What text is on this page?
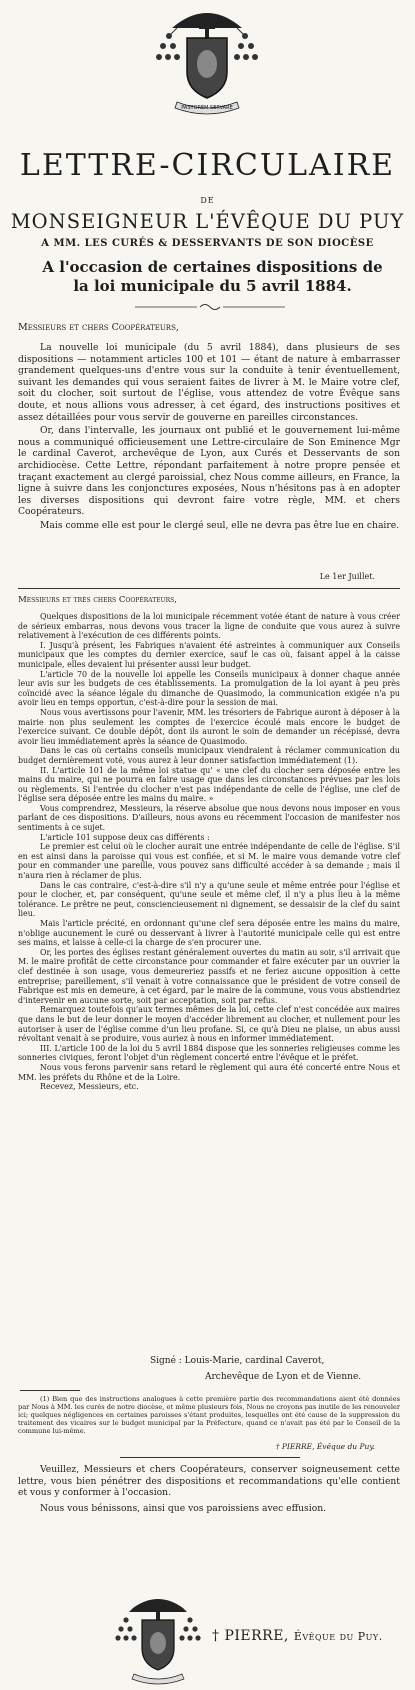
PASTOREM SERVARE
LETTRE-CIRCULAIRE
DE
MONSEIGNEUR L'ÉVÊQUE DU PUY
A MM. LES CURÉS & DESSERVANTS DE SON DIOCÈSE
A l'occasion de certaines dispositions de la loi municipale du 5 avril 1884.
Messieurs et chers Coopérateurs,

La nouvelle loi municipale (du 5 avril 1884), dans plusieurs de ses dispositions — notamment articles 100 et 101 — étant de nature à embarrasser grandement quelques-uns d'entre vous sur la conduite à tenir éventuellement, suivant les demandes qui vous seraient faites de livrer à M. le Maire votre clef, soit du clocher, soit surtout de l'église, vous attendez de votre Évêque sans doute, et nous allions vous adresser, à cet égard, des instructions positives et assez détaillées pour vous servir de gouverne en pareilles circonstances.

Or, dans l'intervalle, les journaux ont publié et le gouvernement lui-même nous a communiqué officieusement une Lettre-circulaire de Son Eminence Mgr le cardinal Caverot, archevêque de Lyon, aux Curés et Desservants de son archidiocèse. Cette Lettre, répondant parfaitement à notre propre pensée et traçant exactement au clergé paroissial, chez Nous comme ailleurs, en France, la ligne à suivre dans les conjonctures exposées, Nous n'hésitons pas à en adopter les diverses dispositions qui devront faire votre règle, MM. et chers Coopérateurs.

Mais comme elle est pour le clergé seul, elle ne devra pas être lue en chaire.

Le 1er Juillet.
Messieurs et très chers Coopérateurs,

Quelques dispositions de la loi municipale récemment votée étant de nature à vous créer de sérieux embarras, nous devons vous tracer la ligne de conduite que vous aurez à suivre relativement à l'exécution de ces différents points.

I. Jusqu'à présent, les Fabriques n'avaient été astreintes à communiquer aux Conseils municipaux que les comptes du dernier exercice, sauf le cas où, faisant appel à la caisse municipale, elles devaient lui présenter aussi leur budget.

L'article 70 de la nouvelle loi appelle les Conseils municipaux à donner chaque année leur avis sur les budgets de ces établissements. La promulgation de la loi ayant à peu près coïncidé avec la séance légale du dimanche de Quasimodo, la communication exigée n'a pu avoir lieu en temps opportun, c'est-à-dire pour la session de mai.

Nous vous avertissons pour l'avenir, MM. les trésoriers de Fabrique auront à déposer à la mairie non plus seulement les comptes de l'exercice écoulé mais encore le budget de l'exercice suivant. Ce double dépôt, dont ils auront le soin de demander un récépissé, devra avoir lieu immédiatement après la séance de Quasimodo.

Dans le cas où certains conseils municipaux viendraient à réclamer communication du budget dernièrement voté, vous aurez à leur donner satisfaction immédiatement (1).

II. L'article 101 de la même loi statue qu' « une clef du clocher sera déposée entre les mains du maire, qui ne pourra en faire usage que dans les circonstances prévues par les lois ou règlements. Si l'entrée du clocher n'est pas indépendante de celle de l'église, une clef de l'église sera déposée entre les mains du maire. »

Vous comprendrez, Messieurs, la réserve absolue que nous devons nous imposer en vous parlant de ces dispositions. D'ailleurs, nous avons eu récemment l'occasion de manifester nos sentiments à ce sujet.

L'article 101 suppose deux cas différents :

Le premier est celui où le clocher aurait une entrée indépendante de celle de l'église. S'il en est ainsi dans la paroisse qui vous est confiée, et si M. le maire vous demande votre clef pour en commander une pareille, vous pouvez sans difficulté accéder à sa demande ; mais il n'aura rien à réclamer de plus.

Dans le cas contraire, c'est-à-dire s'il n'y a qu'une seule et même entrée pour l'église et pour le clocher, et, par conséquent, qu'une seule et même clef, il n'y a plus lieu à la même tolérance. Le prêtre ne peut, consciencieusement ni dignement, se dessaisir de la clef du saint lieu.

Mais l'article précité, en ordonnant qu'une clef sera déposée entre les mains du maire, n'oblige aucunement le curé ou desservant à livrer à l'autorité municipale celle qui est entre ses mains, et laisse à celle-ci la charge de s'en procurer une.

Or, les portes des églises restant généralement ouvertes du matin au soir, s'il arrivait que M. le maire profitât de cette circonstance pour commander et faire exécuter par un ouvrier la clef destinée à son usage, vous demeureriez passifs et ne feriez aucune opposition à cette entreprise; pareillement, s'il venait à votre connaissance que le président de votre conseil de Fabrique est mis en demeure, à cet égard, par le maire de la commune, vous vous abstiendriez d'intervenir en aucune sorte, soit par acceptation, soit par refus.

Remarquez toutefois qu'aux termes mêmes de la loi, cette clef n'est concédée aux maires que dans le but de leur donner le moyen d'accéder librement au clocher, et nullement pour les autoriser à user de l'église comme d'un lieu profane. Si, ce qu'à Dieu ne plaise, un abus aussi révoltant venait à se produire, vous auriez à nous en informer immédiatement.

III. L'article 100 de la loi du 5 avril 1884 dispose que les sonneries religieuses comme les sonneries civiques, feront l'objet d'un règlement concerté entre l'évêque et le préfet.

Nous vous ferons parvenir sans retard le règlement qui aura été concerté entre Nous et MM. les préfets du Rhône et de la Loire.

Recevez, Messieurs, etc.

Signé : Louis-Marie, cardinal Caverot,
Archevêque de Lyon et de Vienne.

(1) Bien que des instructions analogues à cette première partie des recommandations aient été données par Nous à MM. les curés de notre diocèse, et même plusieurs fois, Nous ne croyons pas inutile de les renouveler ici; quelques négligences en certaines paroisses s'étant produites, lesquelles ont été cause de la suppression du traitement des vicaires sur le budget municipal par la Préfecture, quand ce n'avait pas été par le Conseil de la commune lui-même.

† PIERRE, Évêque du Puy.

Veuillez, Messieurs et chers Coopérateurs, conserver soigneusement cette lettre, vous bien pénétrer des dispositions et recommandations qu'elle contient et vous y conformer à l'occasion.

Nous vous bénissons, ainsi que vos paroissiens avec effusion.

† PIERRE, Évêque du Puy.
